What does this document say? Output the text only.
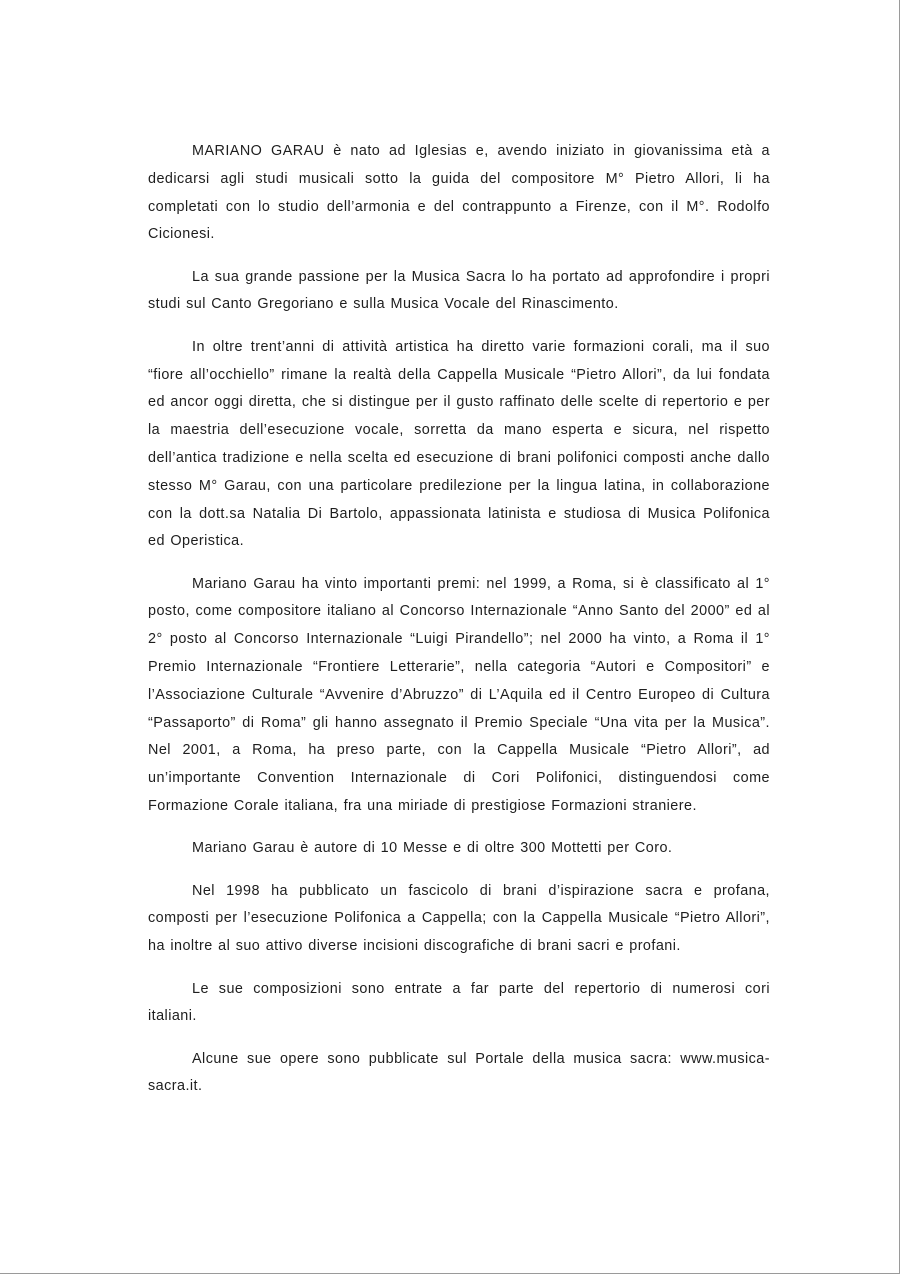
MARIANO GARAU è nato ad Iglesias e, avendo iniziato in giovanissima età a dedicarsi agli studi musicali sotto la guida del compositore M° Pietro Allori, li ha completati con lo studio dell’armonia e del contrappunto a Firenze, con il M°. Rodolfo Cicionesi.

La sua grande passione per la Musica Sacra lo ha portato ad approfondire i propri studi sul Canto Gregoriano e sulla Musica Vocale del Rinascimento.

In oltre trent’anni di attività artistica ha diretto varie formazioni corali, ma il suo “fiore all’occhiello” rimane la realtà della Cappella Musicale “Pietro Allori”, da lui fondata ed ancor oggi diretta, che si distingue per il gusto raffinato delle scelte di repertorio e per la maestria dell’esecuzione vocale, sorretta da mano esperta e sicura, nel rispetto dell’antica tradizione e nella scelta ed esecuzione di brani polifonici composti anche dallo stesso M° Garau, con una particolare predilezione per la lingua latina, in collaborazione con la dott.sa Natalia Di Bartolo, appassionata latinista e studiosa di Musica Polifonica ed Operistica.

Mariano Garau ha vinto importanti premi: nel 1999, a Roma, si è classificato al 1° posto, come compositore italiano al Concorso Internazionale “Anno Santo del 2000” ed al 2° posto al Concorso Internazionale “Luigi Pirandello”; nel 2000 ha vinto, a Roma il 1° Premio Internazionale “Frontiere Letterarie”, nella categoria “Autori e Compositori” e l’Associazione Culturale “Avvenire d’Abruzzo” di L’Aquila ed il Centro Europeo di Cultura “Passaporto” di Roma” gli hanno assegnato il Premio Speciale “Una vita per la Musica”. Nel 2001, a Roma, ha preso parte, con la Cappella Musicale “Pietro Allori”, ad un’importante Convention Internazionale di Cori Polifonici, distinguendosi come Formazione Corale italiana, fra una miriade di prestigiose Formazioni straniere.

Mariano Garau è autore di 10 Messe e di oltre 300 Mottetti per Coro.

Nel 1998 ha pubblicato un fascicolo di brani d’ispirazione sacra e profana, composti per l’esecuzione Polifonica a Cappella; con la Cappella Musicale “Pietro Allori”, ha inoltre al suo attivo diverse incisioni discografiche di brani sacri e profani.

Le sue composizioni sono entrate a far parte del repertorio di numerosi cori italiani.

Alcune sue opere sono pubblicate sul Portale della musica sacra: www.musica-sacra.it.
